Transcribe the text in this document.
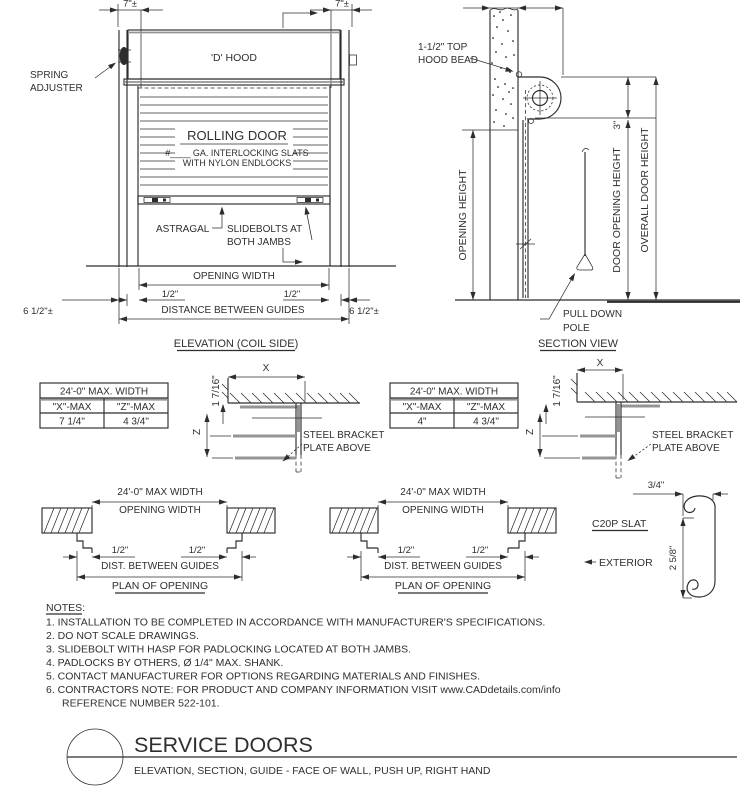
7"±	7"±
'D' HOOD
SPRING
ADJUSTER
ROLLING DOOR
#____ GA. INTERLOCKING SLATS
WITH NYLON ENDLOCKS
ASTRAGAL SLIDEBOLTS AT
BOTH JAMBS
OPENING WIDTH
1/2"	1/2"
6 1/2"±	6 1/2"±
DISTANCE BETWEEN GUIDES
ELEVATION (COIL SIDE)
1-1/2" TOP
HOOD BEAD
OPENING HEIGHT
3"
DOOR OPENING HEIGHT OVERALL DOOR HEIGHT
PULL DOWN
POLE
SECTION VIEW
24'-0" MAX. WIDTH
"X"-MAX	"Z"-MAX
7 1/4"	4 3/4"
X
1 7/16"
Z	STEEL BRACKET
PLATE ABOVE
24'-0" MAX. WIDTH
"X"-MAX	"Z"-MAX
4"	4 3/4"
X
1 7/16"
Z	STEEL BRACKET
PLATE ABOVE
24'-0" MAX WIDTH
OPENING WIDTH
1/2"	1/2"
DIST. BETWEEN GUIDES
PLAN OF OPENING
24'-0" MAX WIDTH
OPENING WIDTH
1/2"	1/2"
DIST. BETWEEN GUIDES
PLAN OF OPENING
3/4"
C20P SLAT
EXTERIOR 2 5/8"
NOTES:
1. INSTALLATION TO BE COMPLETED IN ACCORDANCE WITH MANUFACTURER'S SPECIFICATIONS.
2. DO NOT SCALE DRAWINGS.
3. SLIDEBOLT WITH HASP FOR PADLOCKING LOCATED AT BOTH JAMBS.
4. PADLOCKS BY OTHERS, Ø 1/4" MAX. SHANK.
5. CONTACT MANUFACTURER FOR OPTIONS REGARDING MATERIALS AND FINISHES.
6. CONTRACTORS NOTE: FOR PRODUCT AND COMPANY INFORMATION VISIT www.CADdetails.com/info
REFERENCE NUMBER 522-101.
SERVICE DOORS
ELEVATION, SECTION, GUIDE - FACE OF WALL, PUSH UP, RIGHT HAND
